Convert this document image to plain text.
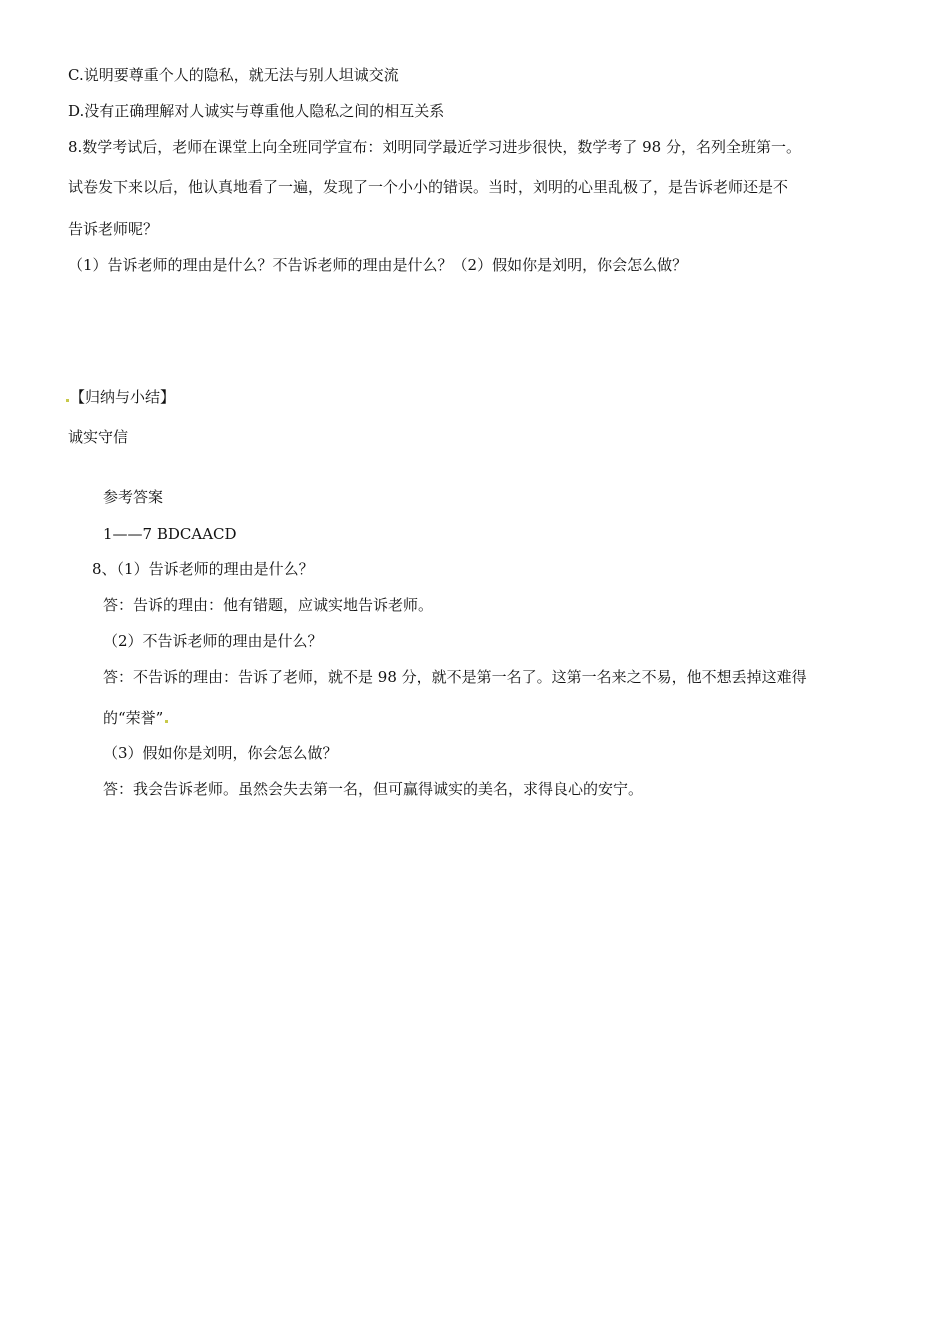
C.说明要尊重个人的隐私，就无法与别人坦诚交流
D.没有正确理解对人诚实与尊重他人隐私之间的相互关系
8.数学考试后，老师在课堂上向全班同学宣布：刘明同学最近学习进步很快，数学考了 98 分，名列全班第一。
试卷发下来以后，他认真地看了一遍，发现了一个小小的错误。当时，刘明的心里乱极了，是告诉老师还是不
告诉老师呢？
（1）告诉老师的理由是什么？不告诉老师的理由是什么？（2）假如你是刘明，你会怎么做？
【归纳与小结】
诚实守信
参考答案
1——7 BDCAACD
8、（1）告诉老师的理由是什么？
答：告诉的理由：他有错题，应诚实地告诉老师。
（2）不告诉老师的理由是什么？
答：不告诉的理由：告诉了老师，就不是 98 分，就不是第一名了。这第一名来之不易，他不想丢掉这难得
的“荣誉”
（3）假如你是刘明，你会怎么做？
答：我会告诉老师。虽然会失去第一名，但可赢得诚实的美名，求得良心的安宁。
